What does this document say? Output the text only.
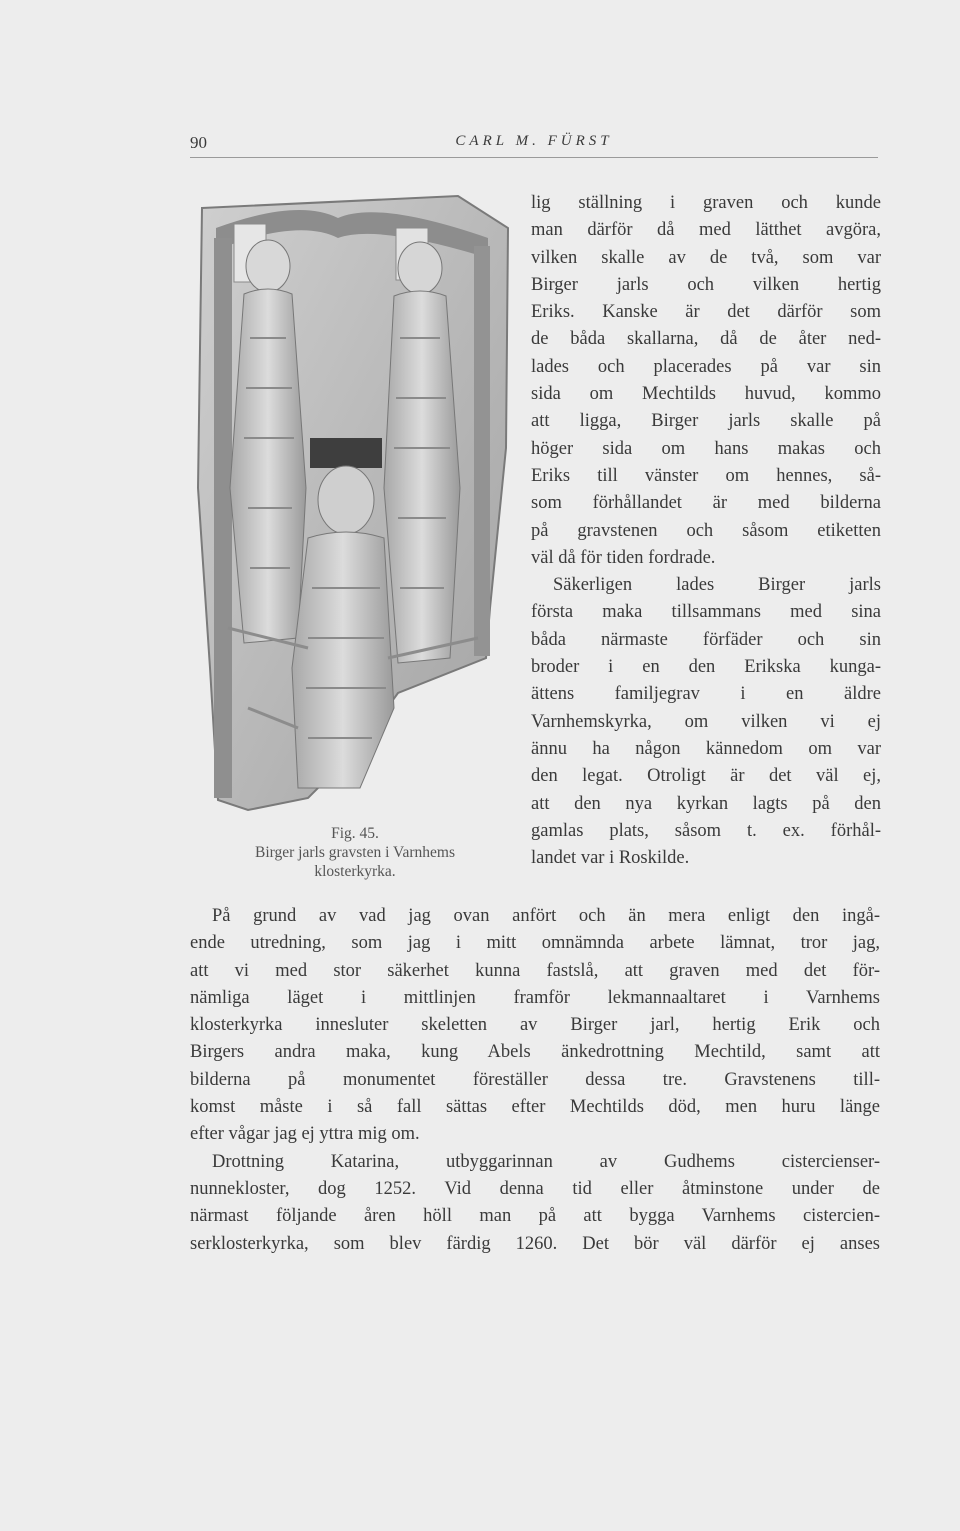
90	CARL M. FÜRST
Fig. 45.
Birger jarls gravsten i Varnhems
klosterkyrka.
lig ställning i graven och kunde
man därför då med lätthet avgöra,
vilken skalle av de två, som var
Birger jarls och vilken hertig
Eriks. Kanske är det därför som
de båda skallarna, då de åter ned-
lades och placerades på var sin
sida om Mechtilds huvud, kommo
att ligga, Birger jarls skalle på
höger sida om hans makas och
Eriks till vänster om hennes, så-
som förhållandet är med bilderna
på gravstenen och såsom etiketten
väl då för tiden fordrade.
Säkerligen lades Birger jarls
första maka tillsammans med sina
båda närmaste förfäder och sin
broder i en den Erikska kunga-
ättens familjegrav i en äldre
Varnhemskyrka, om vilken vi ej
ännu ha någon kännedom om var
den legat. Otroligt är det väl ej,
att den nya kyrkan lagts på den
gamlas plats, såsom t. ex. förhål-
landet var i Roskilde.
På grund av vad jag ovan anfört och än mera enligt den ingå-
ende utredning, som jag i mitt omnämnda arbete lämnat, tror jag,
att vi med stor säkerhet kunna fastslå, att graven med det för-
nämliga läget i mittlinjen framför lekmannaaltaret i Varnhems
klosterkyrka innesluter skeletten av Birger jarl, hertig Erik och
Birgers andra maka, kung Abels änkedrottning Mechtild, samt att
bilderna på monumentet föreställer dessa tre. Gravstenens till-
komst måste i så fall sättas efter Mechtilds död, men huru länge
efter vågar jag ej yttra mig om.
Drottning Katarina, utbyggarinnan av Gudhems cistercienser-
nunnekloster, dog 1252. Vid denna tid eller åtminstone under de
närmast följande åren höll man på att bygga Varnhems cistercien-
serklosterkyrka, som blev färdig 1260. Det bör väl därför ej anses
